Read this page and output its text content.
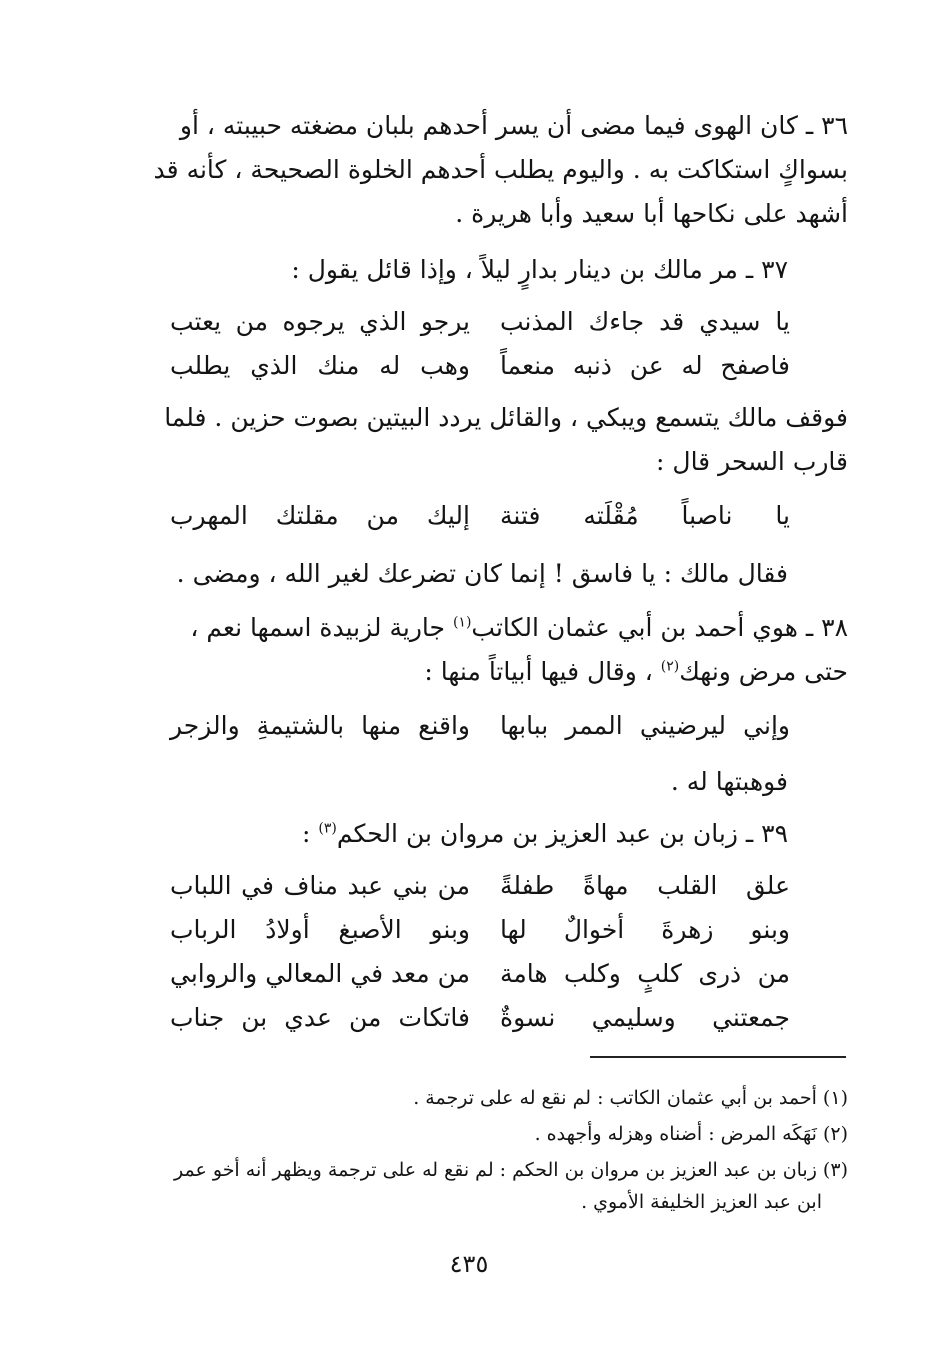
٣٦ ـ كان الهوى فيما مضى أن يسر أحدهم بلبان مضغته حبيبته ، أو
بسواكٍ استكاكت به . واليوم يطلب أحدهم الخلوة الصحيحة ، كأنه قد
أشهد على نكاحها أبا سعيد وأبا هريرة .
٣٧ ـ مر مالك بن دينار بدارٍ ليلاً ، وإذا قائل يقول :
يا سيدي قد جاءك المذنب
يرجو الذي يرجوه من يعتب
فاصفح له عن ذنبه منعماً
وهب له منك الذي يطلب
فوقف مالك يتسمع ويبكي ، والقائل يردد البيتين بصوت حزين . فلما
قارب السحر قال :
يا ناصباً مُقْلَته فتنة
إليك من مقلتك المهرب
فقال مالك : يا فاسق ! إنما كان تضرعك لغير الله ، ومضى .
٣٨ ـ هوي أحمد بن أبي عثمان الكاتب$^{(١)}$ جارية لزبيدة اسمها نعم ،
حتى مرض ونهك$^{(٢)}$ ، وقال فيها أبياتاً منها :
وإني ليرضيني الممر ببابها
واقنع منها بالشتيمةِ والزجر
فوهبتها له .
٣٩ ـ زبان بن عبد العزيز بن مروان بن الحكم$^{(٣)}$ :
علق القلب مهاةً طفلةً
من بني عبد مناف في اللباب
وبنو زهرةَ أخوالٌ لها
وبنو الأصبغ أولادُ الرباب
من ذرى كلبٍ وكلب هامة
من معد في المعالي والروابي
جمعتني وسليمي نسوةٌ
فاتكات من عدي بن جناب
(١) أحمد بن أبي عثمان الكاتب : لم نقع له على ترجمة .
(٢) نَهَكَه المرض : أضناه وهزله وأجهده .
(٣) زبان بن عبد العزيز بن مروان بن الحكم : لم نقع له على ترجمة ويظهر أنه أخو عمر
ابن عبد العزيز الخليفة الأموي .
٤٣٥
